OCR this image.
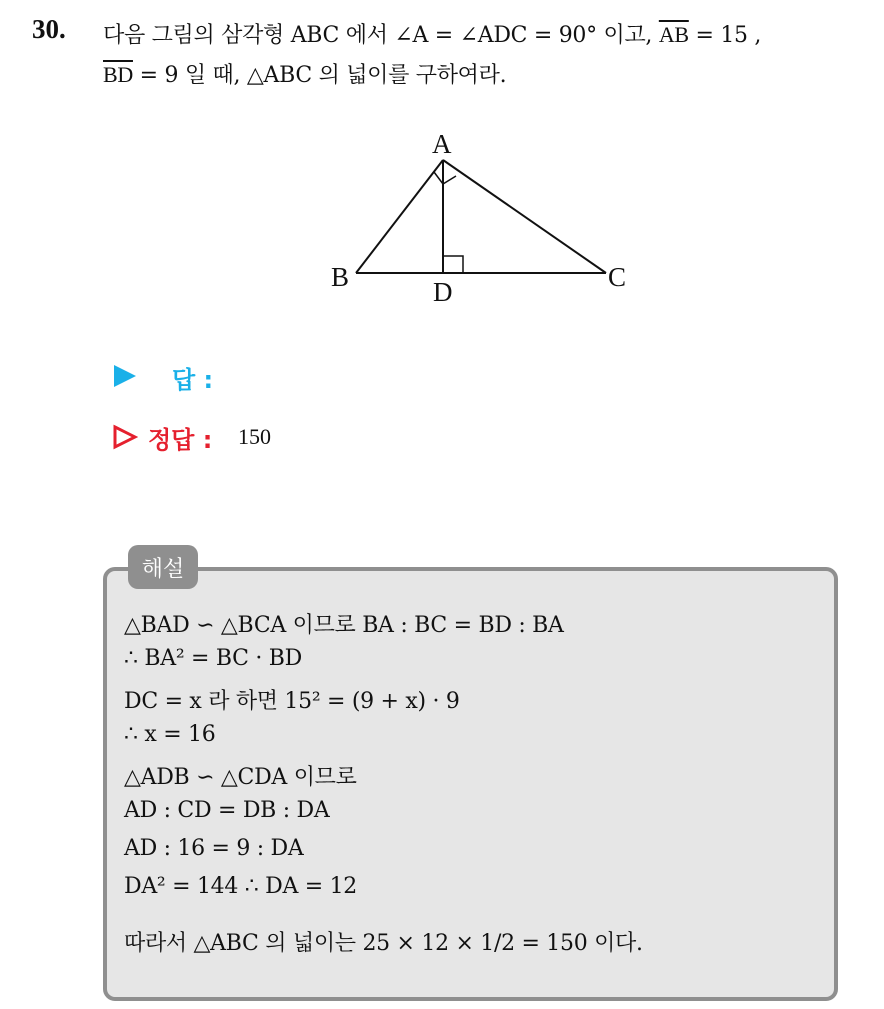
30. 다음 그림의 삼각형 ABC 에서 ∠A = ∠ADC = 90° 이고, $\overline{AB} = 15$ ,
$\overline{BD} = 9$ 일 때, △ABC 의 넓이를 구하여라.
A
B	C
D
답 :
정답 : 150
해설
△BAD ∽ △BCA 이므로 BA : BC = BD : BA
∴ BA² = BC · BD
DC = x 라 하면 15² = (9 + x) · 9
∴ x = 16
△ADB ∽ △CDA 이므로
AD : CD = DB : DA
AD : 16 = 9 : DA
DA² = 144 ∴ DA = 12
따라서 △ABC 의 넓이는 25 × 12 × 1/2 = 150 이다.
